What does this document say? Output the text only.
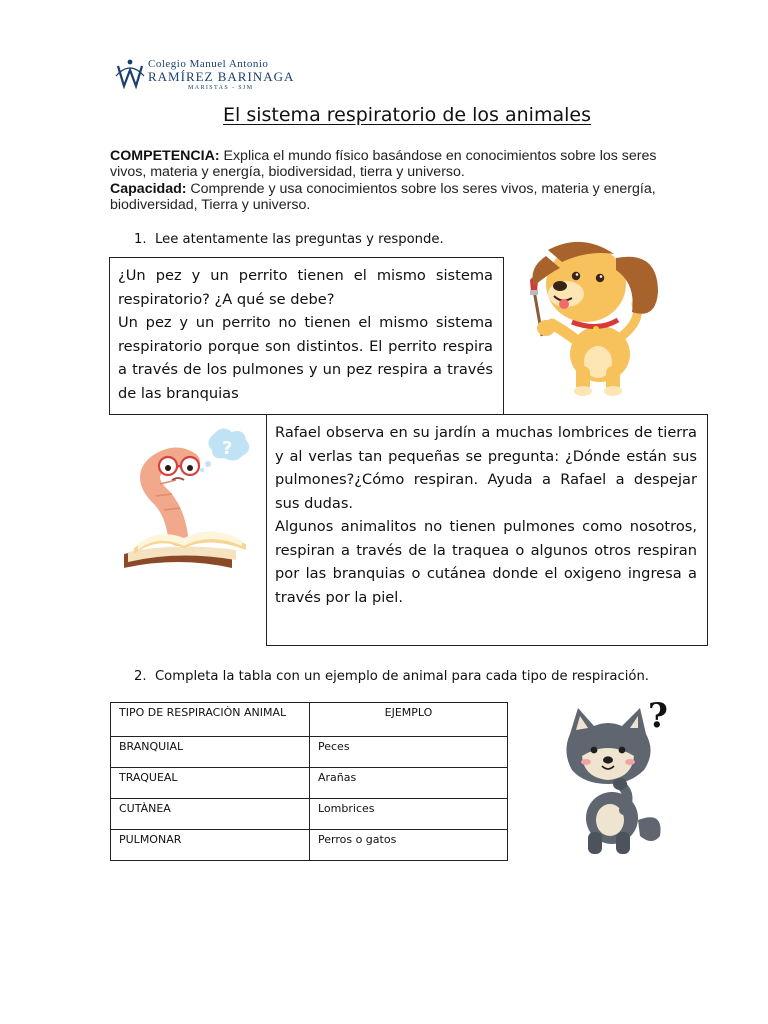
Colegio Manuel Antonio
RAMÍREZ BARINAGA
MARISTAS - SJM
El sistema respiratorio de los animales
COMPETENCIA: Explica el mundo físico basándose en conocimientos sobre los seres vivos, materia y energía, biodiversidad, tierra y universo.
Capacidad: Comprende y usa conocimientos sobre los seres vivos, materia y energía, biodiversidad, Tierra y universo.
1.  Lee atentamente las preguntas y responde.

¿Un pez y un perrito tienen el mismo sistema respiratorio? ¿A qué se debe?

Un pez y un perrito no tienen el mismo sistema respiratorio porque son distintos. El perrito respira a través de los pulmones y un pez respira a través de las branquias

?

Rafael observa en su jardín a muchas lombrices de tierra y al verlas tan pequeñas se pregunta: ¿Dónde están sus pulmones?¿Cómo respiran. Ayuda a Rafael a despejar sus dudas.

Algunos animalitos no tienen pulmones como nosotros, respiran a través de la traquea o algunos otros respiran por las branquias o cutánea donde el oxigeno ingresa a través por la piel.

2.  Completa la tabla con un ejemplo de animal para cada tipo de respiración.
TIPO DE RESPIRACIÒN ANIMAL	EJEMPLO
BRANQUIAL	Peces
TRAQUEAL	Arañas
CUTÀNEA	Lombrices
PULMONAR	Perros o gatos
?
